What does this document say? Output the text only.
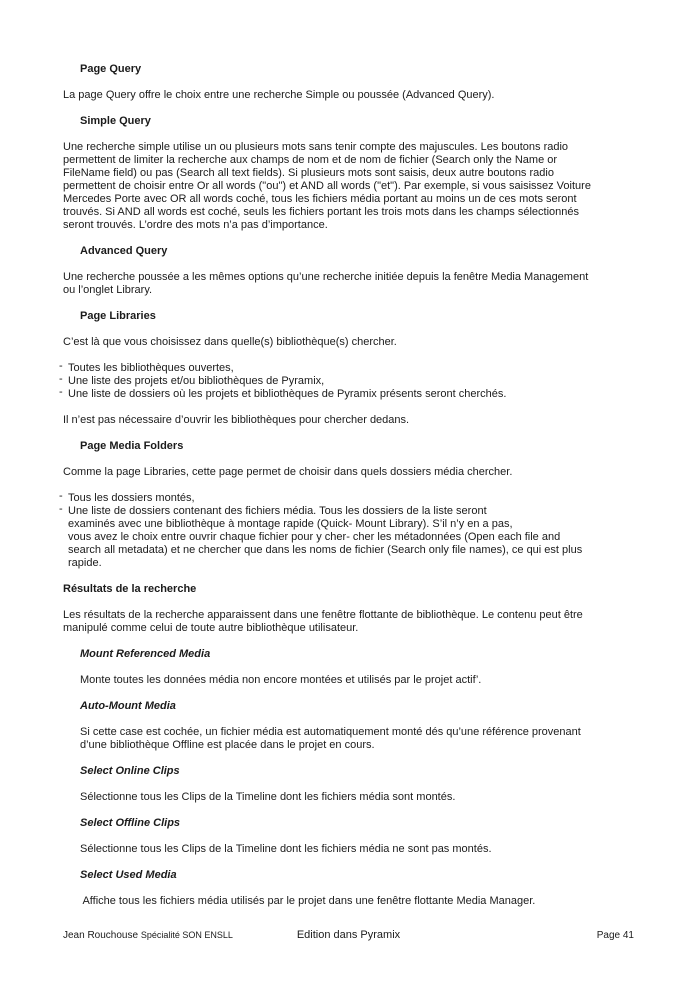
Page Query
La page Query offre le choix entre une recherche Simple ou poussée (Advanced Query).
Simple Query
Une recherche simple utilise un ou plusieurs mots sans tenir compte des majuscules. Les boutons radio
permettent de limiter la recherche aux champs de nom et de nom de fichier (Search only the Name or
FileName field) ou pas (Search all text fields). Si plusieurs mots sont saisis, deux autre boutons radio
permettent de choisir entre Or all words ("ou") et AND all words ("et"). Par exemple, si vous saisissez Voiture
Mercedes Porte avec OR all words coché, tous les fichiers média portant au moins un de ces mots seront
trouvés. Si AND all words est coché, seuls les fichiers portant les trois mots dans les champs sélectionnés
seront trouvés. L’ordre des mots n’a pas d’importance.
Advanced Query
Une recherche poussée a les mêmes options qu’une recherche initiée depuis la fenêtre Media Management
ou l’onglet Library.
Page Libraries
C’est là que vous choisissez dans quelle(s) bibliothèque(s) chercher.
- Toutes les bibliothèques ouvertes,
- Une liste des projets et/ou bibliothèques de Pyramix,
- Une liste de dossiers où les projets et bibliothèques de Pyramix présents seront cherchés.
Il n’est pas nécessaire d’ouvrir les bibliothèques pour chercher dedans.
Page Media Folders
Comme la page Libraries, cette page permet de choisir dans quels dossiers média chercher.
- Tous les dossiers montés,
- Une liste de dossiers contenant des fichiers média. Tous les dossiers de la liste seront
examinés avec une bibliothèque à montage rapide (Quick- Mount Library). S’il n’y en a pas,
vous avez le choix entre ouvrir chaque fichier pour y cher- cher les métadonnées (Open each file and
search all metadata) et ne chercher que dans les noms de fichier (Search only file names), ce qui est plus
rapide.
Résultats de la recherche
Les résultats de la recherche apparaissent dans une fenêtre flottante de bibliothèque. Le contenu peut être
manipulé comme celui de toute autre bibliothèque utilisateur.
Mount Referenced Media
Monte toutes les données média non encore montées et utilisés par le projet actif’.
Auto-Mount Media
Si cette case est cochée, un fichier média est automatiquement monté dés qu’une référence provenant
d’une bibliothèque Offline est placée dans le projet en cours.
Select Online Clips
Sélectionne tous les Clips de la Timeline dont les fichiers média sont montés.
Select Offline Clips
Sélectionne tous les Clips de la Timeline dont les fichiers média ne sont pas montés.
Select Used Media
Affiche tous les fichiers média utilisés par le projet dans une fenêtre flottante Media Manager.
Jean Rouchouse Spécialité SON ENSLL	Edition dans Pyramix	Page 41
